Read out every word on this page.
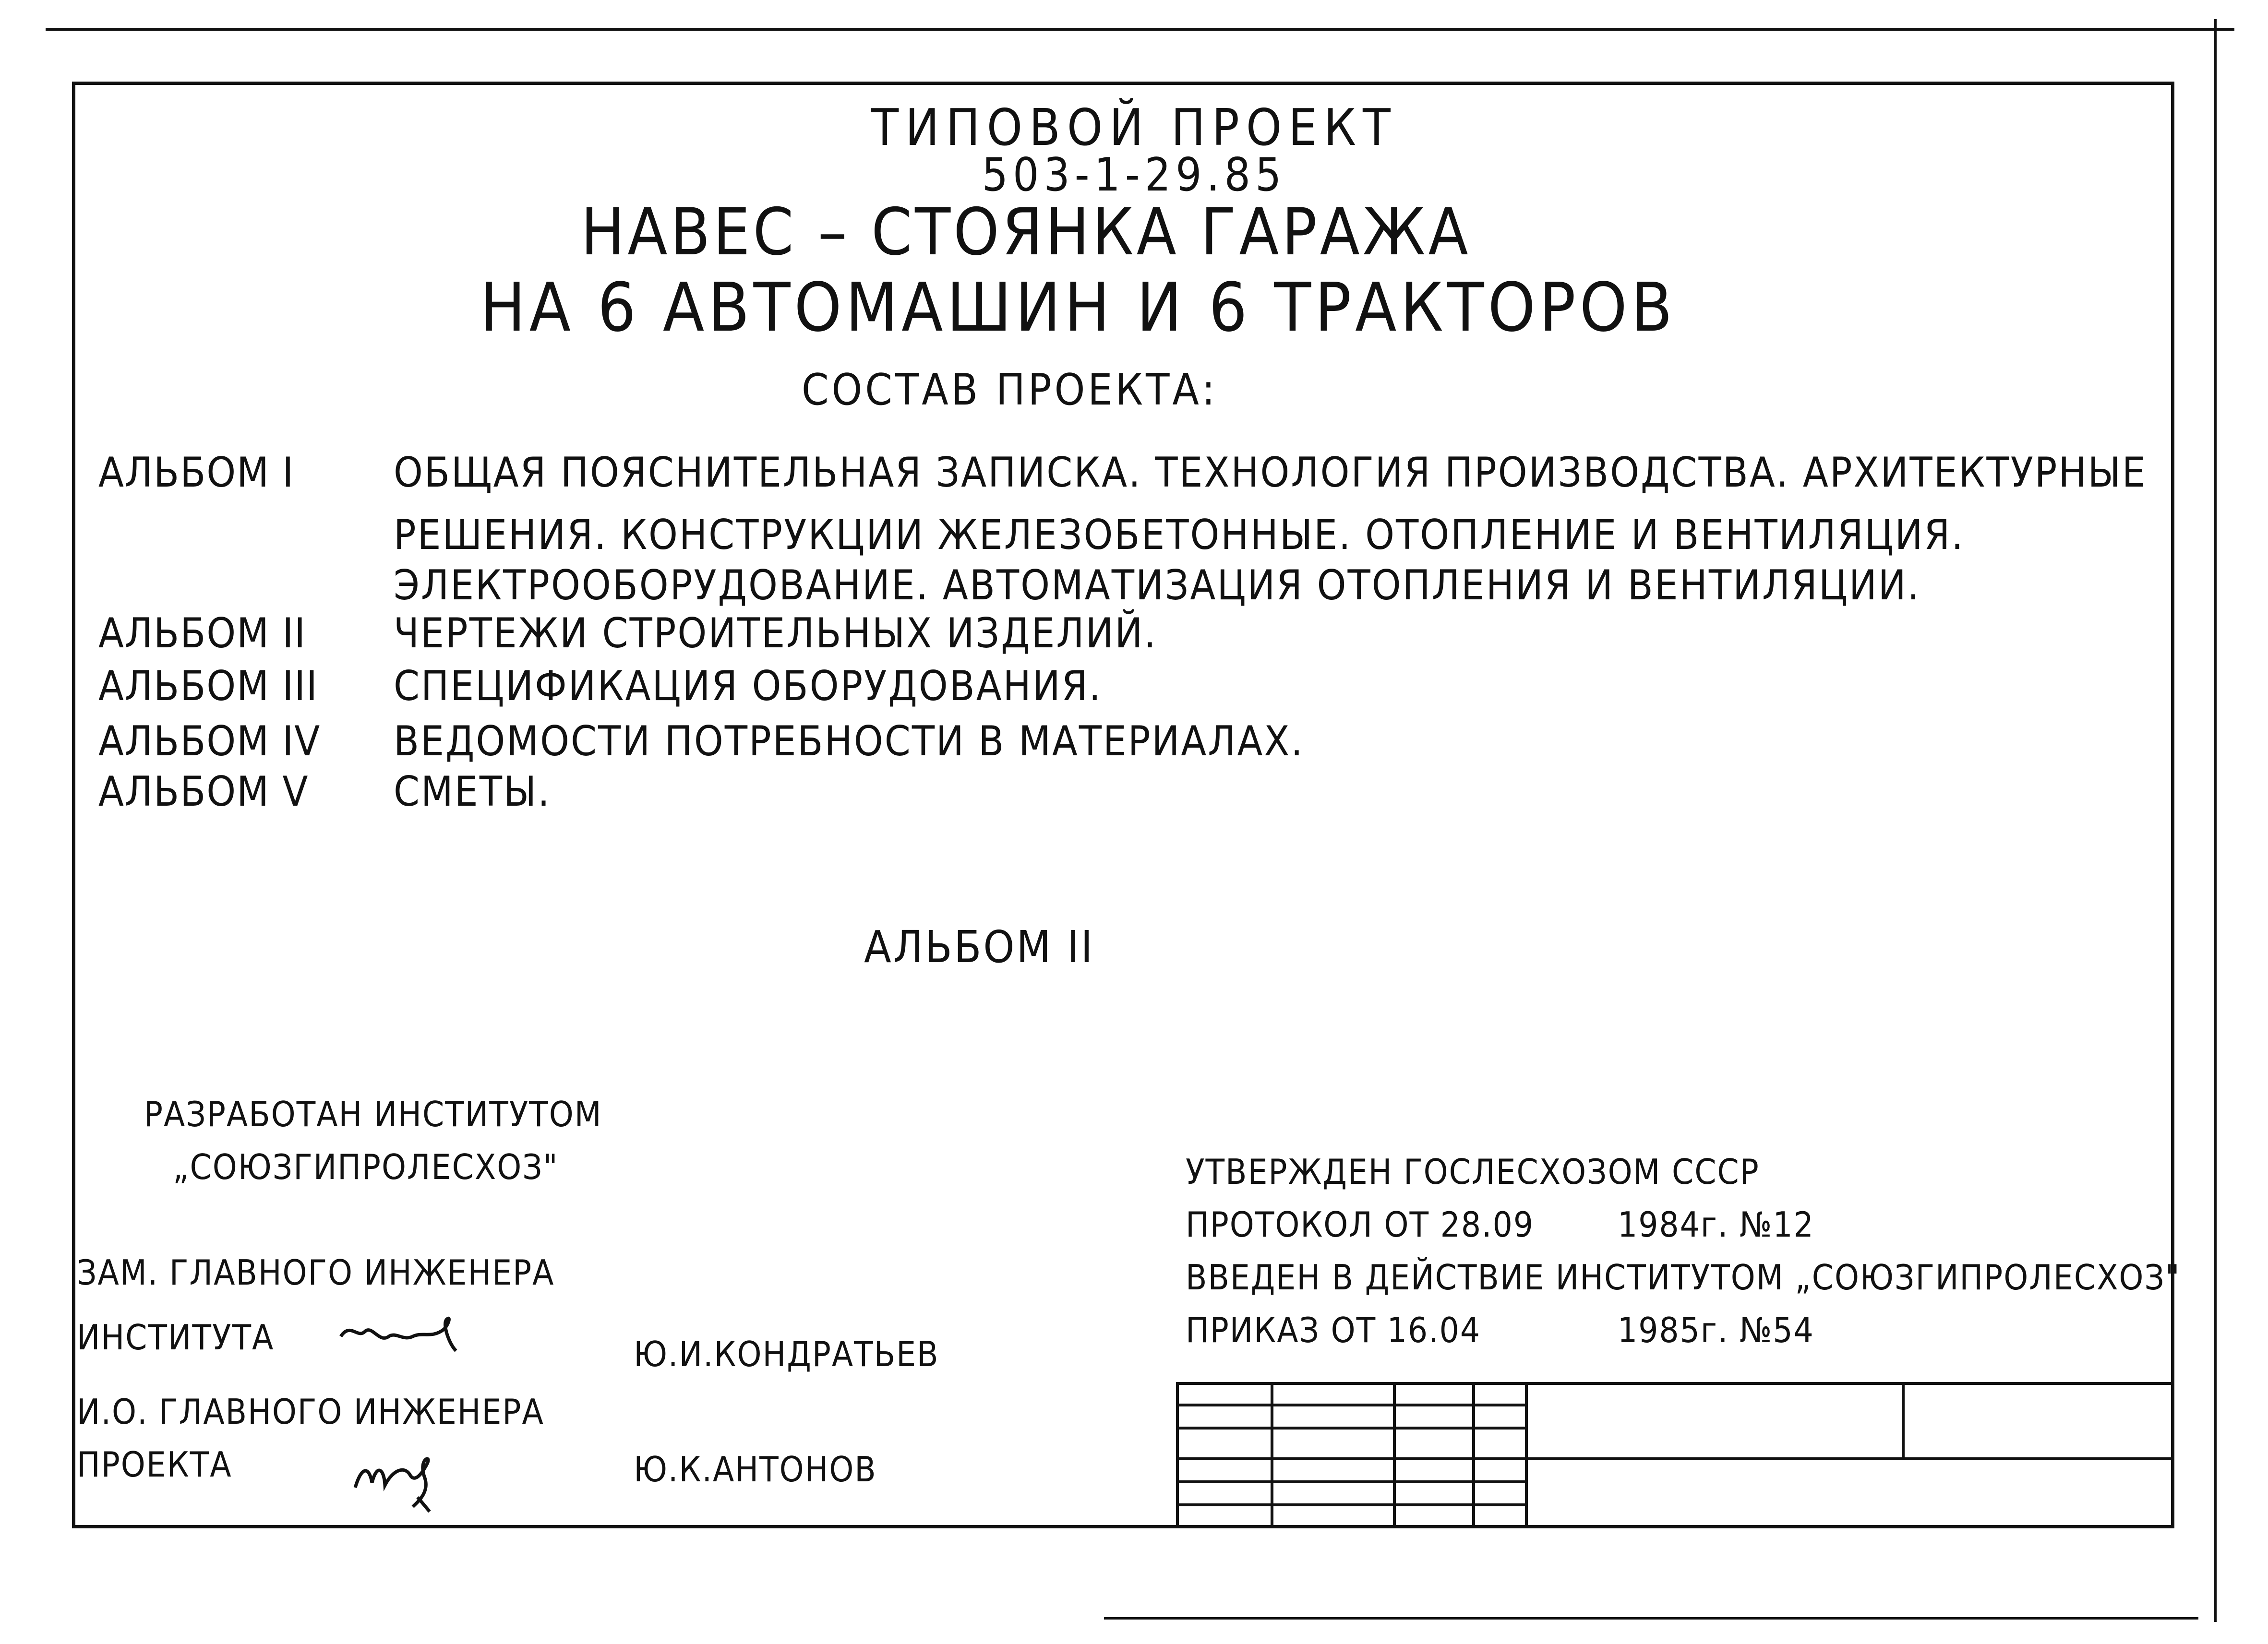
ТИПОВОЙ ПРОЕКТ
503-1-29.85
НАВЕС – СТОЯНКА ГАРАЖА
НА 6 АВТОМАШИН И 6 ТРАКТОРОВ
СОСТАВ ПРОЕКТА:
АЛЬБОМ I ОБЩАЯ ПОЯСНИТЕЛЬНАЯ ЗАПИСКА. ТЕХНОЛОГИЯ ПРОИЗВОДСТВА. АРХИТЕКТУРНЫЕ
РЕШЕНИЯ. КОНСТРУКЦИИ ЖЕЛЕЗОБЕТОННЫЕ. ОТОПЛЕНИЕ И ВЕНТИЛЯЦИЯ.
ЭЛЕКТРООБОРУДОВАНИЕ. АВТОМАТИЗАЦИЯ ОТОПЛЕНИЯ И ВЕНТИЛЯЦИИ.
АЛЬБОМ II ЧЕРТЕЖИ СТРОИТЕЛЬНЫХ ИЗДЕЛИЙ.
АЛЬБОМ III СПЕЦИФИКАЦИЯ ОБОРУДОВАНИЯ.
АЛЬБОМ IV ВЕДОМОСТИ ПОТРЕБНОСТИ В МАТЕРИАЛАХ.
АЛЬБОМ V СМЕТЫ.
АЛЬБОМ II
РАЗРАБОТАН ИНСТИТУТОМ
„СОЮЗГИПРОЛЕСХОЗ"
ЗАМ. ГЛАВНОГО ИНЖЕНЕРА
ИНСТИТУТА	Ю.И.КОНДРАТЬЕВ
И.О. ГЛАВНОГО ИНЖЕНЕРА
ПРОЕКТА	Ю.К.АНТОНОВ
УТВЕРЖДЕН ГОСЛЕСХОЗОМ СССР
ПРОТОКОЛ ОТ 28.09 1984г. №12
ВВЕДЕН В ДЕЙСТВИЕ ИНСТИТУТОМ „СОЮЗГИПРОЛЕСХОЗ"
ПРИКАЗ ОТ 16.04	1985г. №54
